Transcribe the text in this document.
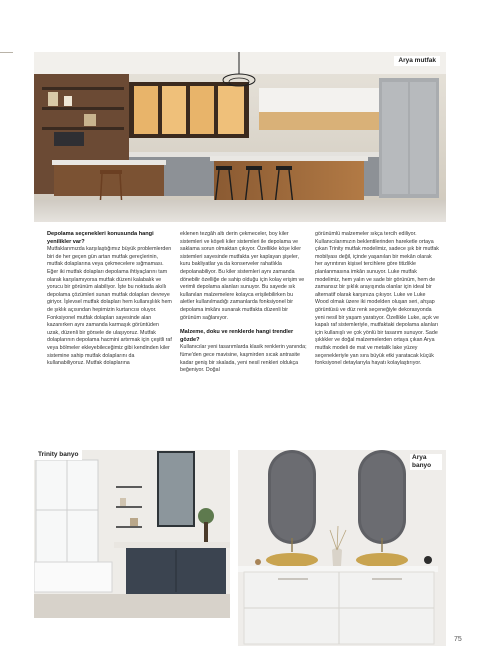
Arya mutfak
Depolama seçenekleri konusunda hangi yenilikler var?

Mutfaklarımızda karşılaştığımız büyük problemlerden biri de her geçen gün artan mutfak gereçlerinin, mutfak dolaplarına veya çekmecelere sığmaması. Eğer iki mutfak dolapları depolama ihtiyaçlarını tam olarak karşılamıyorsa mutfak düzeni kalabalık ve yorucu bir görünüm alabiliyor. İşte bu noktada akıllı depolama çözümleri sunan mutfak dolapları devreye giriyor. İşlevsel mutfak dolapları hem kullanışlılık hem de şıklık açısından hepimizin kurtarıcısı oluyor. Fonksiyonel mutfak dolapları sayesinde alan kazanırken aynı zamanda karmaşık görüntüden uzak, düzenli bir görsele de ulaşıyoruz. Mutfak dolaplarının depolama hacmini artırmak için çeşitli raf veya bölmeler ekleyebileceğimiz gibi kendinden kiler sistemine sahip mutfak dolaplarını da kullanabiliyoruz. Mutfak dolaplarına

eklenen tezgâh altı derin çekmeceler, boy kiler sistemleri ve köşeli kiler sistemleri ile depolama ve saklama sorun olmaktan çıkıyor. Özellikle köşe kiler sistemleri sayesinde mutfakta yer kaplayan şişeler, kuru bakliyatlar ya da konserveler rahatlıkla depolanabiliyor. Bu kiler sistemleri aynı zamanda dönebilir özelliğe de sahip olduğu için kolay erişim ve verimli depolama alanları sunuyor. Bu sayede sık kullanılan malzemelere kolayca erişilebilirken bu aletler kullanılmadığı zamanlarda fonksiyonel bir depolama imkânı sunarak mutfakta düzenli bir görünüm sağlanıyor.

Malzeme, doku ve renklerde hangi trendler gözde?

Kullanıcılar yeni tasarımlarda klasik renklerin yanında; füme'den gece mavisine, kaşmirden sıcak antrasite kadar geniş bir skalada, yeni nesil renkleri oldukça beğeniyor. Doğal

görünümlü malzemeler sıkça tercih ediliyor. Kullanıcılarımızın beklentilerinden hareketle ortaya çıkan Trinity mutfak modelimiz, sadece şık bir mutfak mobilyası değil, içinde yaşanılan bir mekân olarak her ayrıntının kişisel tercihlere göre titizlikle planlanmasına imkân sunuyor. Luke mutfak modelimiz, hem yalın ve sade bir görünüm, hem de zamansız bir şıklık arayışında olanlar için ideal bir alternatif olarak karşınıza çıkıyor. Luke ve Luke Wood olmak üzere iki modelden oluşan seri, ahşap görüntüsü ve düz renk seçeneğiyle dekorasyonda yeni nesil bir yaşam yaratıyor. Özellikle Luke, açık ve kapalı raf sistemleriyle, mutfaktaki depolama alanları için kullanışlı ve çok yönlü bir tasarım sunuyor. Sade şıklıkler ve doğal malzemelerden ortaya çıkan Arya mutfak modeli de mat ve metalik lake yüzey seçenekleriyle yan sıra büyük etki yaratacak küçük fonksiyonel detaylarıyla hayatı kolaylaştırıyor.

Trinity banyo	Arya banyo
75
